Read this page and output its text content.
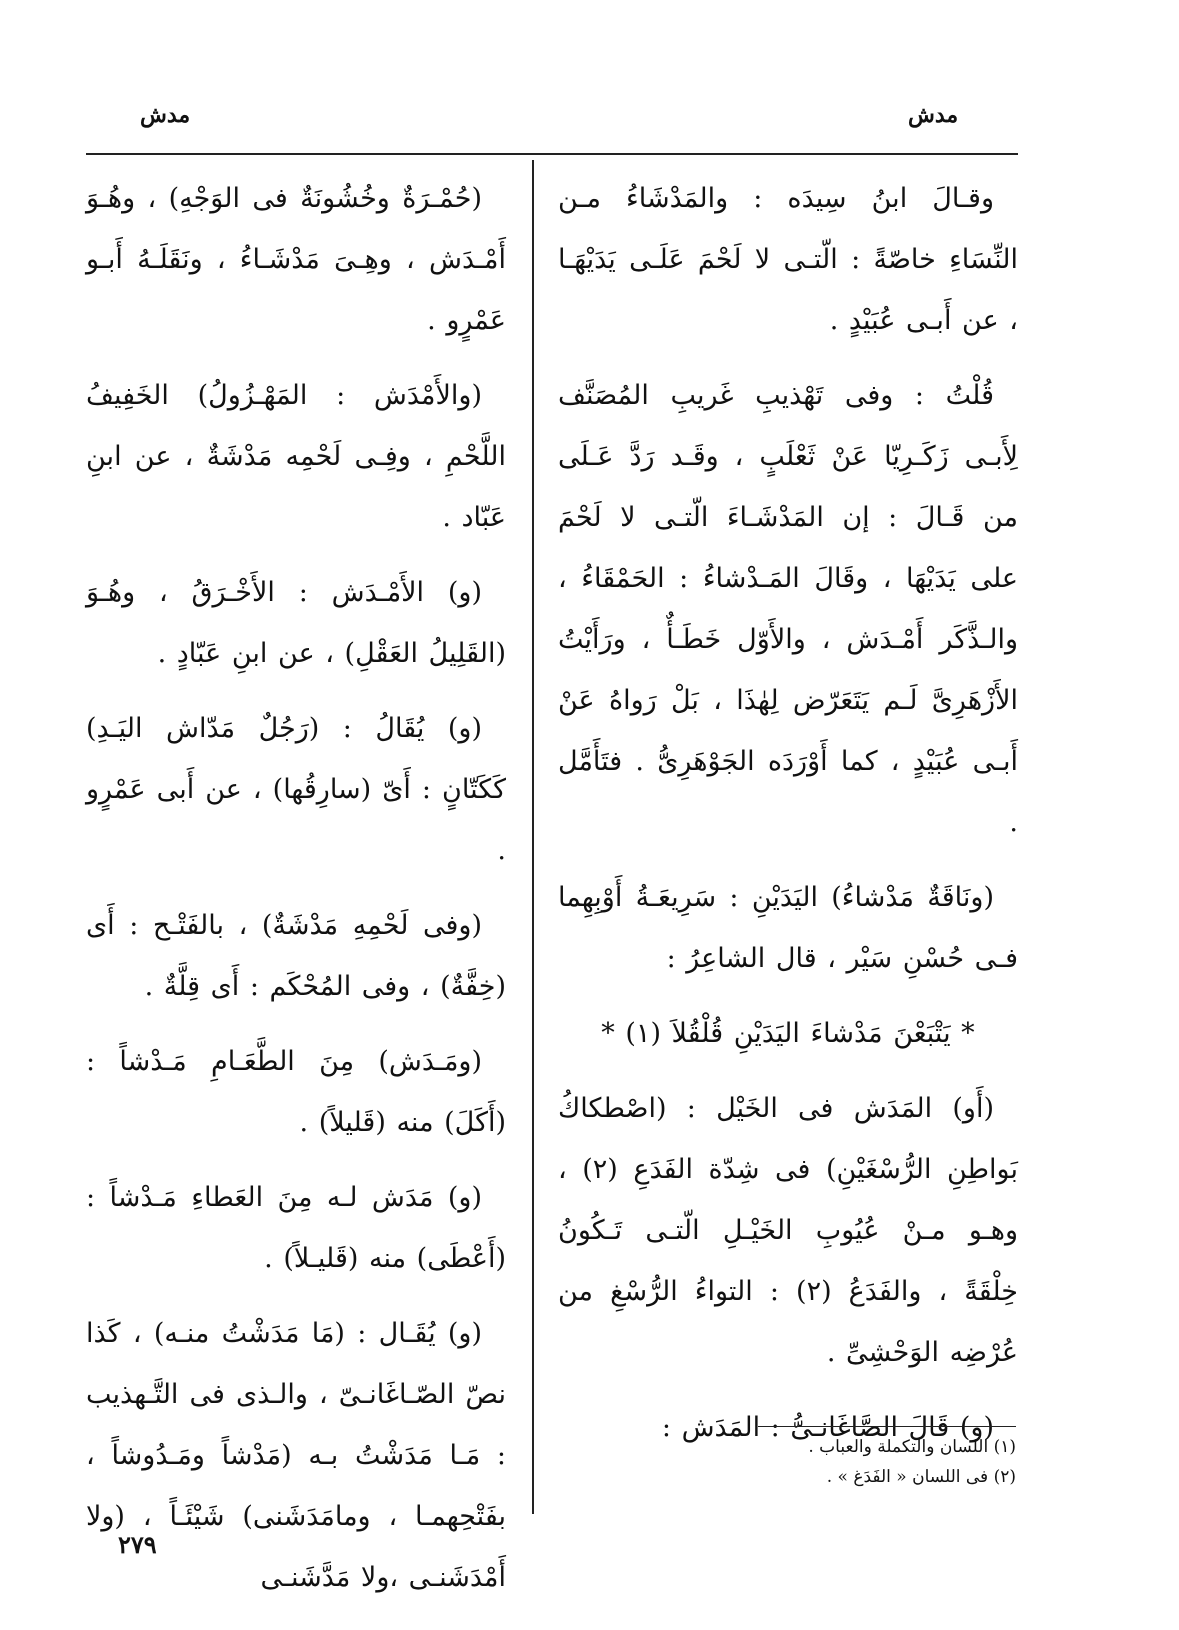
مدش
مدش

وقـالَ ابنُ سِيدَه : والمَدْشَاءُ مـن النِّسَاءِ خاصّةً : الّتـى لا لَحْمَ عَلَـى يَدَيْهَـا ، عن أَبـى عُبَيْدٍ .

قُلْتُ : وفى تَهْذيبِ غَريبِ المُصَنَّف لِأَبـى زَكَـرِيّا عَنْ ثَعْلَبٍ ، وقَـد رَدَّ عَـلَى من قَـالَ : إن المَدْشَـاءَ الّتـى لا لَحْمَ على يَدَيْهَا ، وقَالَ المَـدْشاءُ : الحَمْقَاءُ ، والـذَّكَر أَمْـدَش ، والأَوّل خَطَـأٌ ، ورَأَيْتُ الأَزْهَرِىَّ لَـم يَتَعَرّض لِهٰذَا ، بَلْ رَواهُ عَنْ أَبـى عُبَيْدٍ ، كما أَوْرَدَه الجَوْهَرِىُّ . فتَأَمَّل .

(ونَاقَةٌ مَدْشاءُ) اليَدَيْنِ : سَرِيعَـةُ أَوْبِهِما فـى حُسْنِ سَيْر ، قال الشاعِرُ :

* يَتْبَعْنَ مَدْشاءَ اليَدَيْنِ قُلْقُلاَ (١) *

(أَو) المَدَش فى الخَيْل : (اصْطكاكُ بَواطِنِ الرُّسْغَيْنِ) فى شِدّة الفَدَعِ (٢) ، وهـو مـنْ عُيُوبِ الخَيْـلِ الّتـى تَـكُونُ خِلْقَةً ، والفَدَعُ (٢) : التواءُ الرُّسْغِ من عُرْضِه الوَحْشِىِّ .

(و) قَالَ الصَّاغَانـىُّ : المَدَش :

(حُمْـرَةٌ وخُشُونَةٌ فى الوَجْهِ) ، وهُـوَ أَمْـدَش ، وهِـىَ مَدْشَـاءُ ، ونَقَلَـهُ أَبـو عَمْرٍو .

(والأَمْدَش : المَهْـزُولُ) الخَفِيفُ اللَّحْمِ ، وفِـى لَحْمِه مَدْشَةٌ ، عن ابنِ عَبّاد .

(و) الأَمْـدَش : الأَخْـرَقُ ، وهُـوَ (القَلِيلُ العَقْلِ) ، عن ابنِ عَبّادٍ .

(و) يُقَالُ : (رَجُلٌ مَدّاش اليَـدِ) كَكَتّانٍ : أَىّ (سارِقُها) ، عن أَبى عَمْرٍو .

(وفى لَحْمِهِ مَدْشَةٌ) ، بالفَتْـح : أَى (خِفَّةٌ) ، وفى المُحْكَم : أَى قِلَّةٌ .

(ومَـدَش) مِنَ الطَّعَـامِ مَـدْشاً : (أَكَلَ) منه (قَليلاً) .

(و) مَدَش لـه مِنَ العَطاءِ مَـدْشاً : (أَعْطَى) منه (قَليـلاً) .

(و) يُقَـال : (مَا مَدَشْتُ منـه) ، كَذا نصّ الصّـاغَانـىّ ، والـذى فى التَّـهذيب : مَـا مَدَشْتُ بـه (مَدْشاً ومَـدُوشاً ، بفَتْحِهمـا ، ومامَدَشَنى) شَيْئَـاً ، (ولا أَمْدَشَنـى ،ولا مَدَّشَنـى

(١) اللسان والتكملة والعباب .
(٢) فى اللسان « الفَدَغ » .
٢٧٩
